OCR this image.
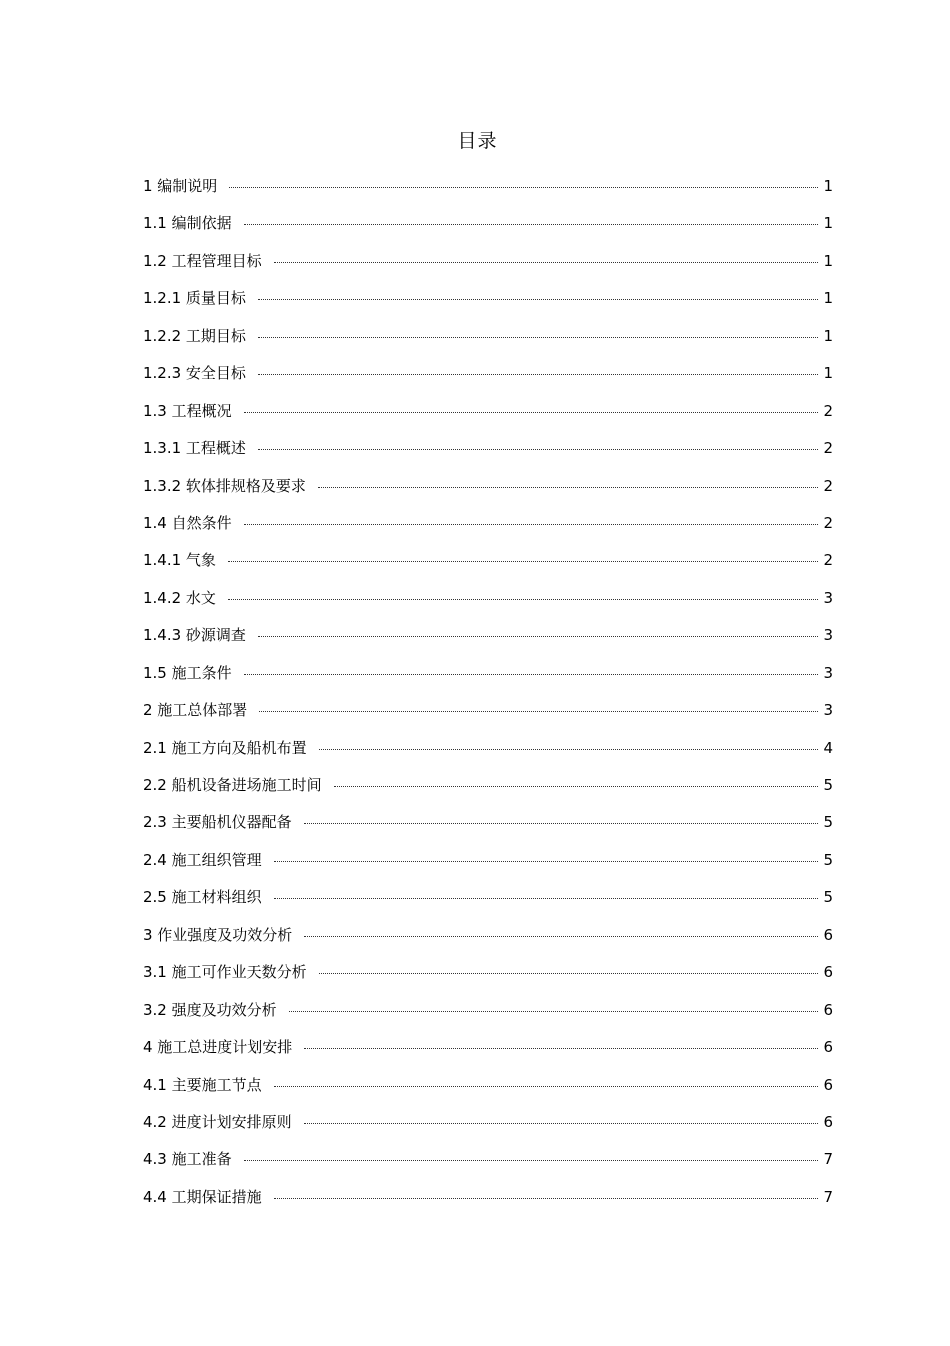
目录
1 编制说明	1
1.1 编制依据	1
1.2 工程管理目标	1
1.2.1 质量目标	1
1.2.2 工期目标	1
1.2.3 安全目标	1
1.3 工程概况	2
1.3.1 工程概述	2
1.3.2 软体排规格及要求	2
1.4 自然条件	2
1.4.1 气象	2
1.4.2 水文	3
1.4.3 砂源调查	3
1.5 施工条件	3
2 施工总体部署	3
2.1 施工方向及船机布置	4
2.2 船机设备进场施工时间	5
2.3 主要船机仪器配备	5
2.4 施工组织管理	5
2.5 施工材料组织	5
3 作业强度及功效分析	6
3.1 施工可作业天数分析	6
3.2 强度及功效分析	6
4 施工总进度计划安排	6
4.1 主要施工节点	6
4.2 进度计划安排原则	6
4.3 施工准备	7
4.4 工期保证措施	7
